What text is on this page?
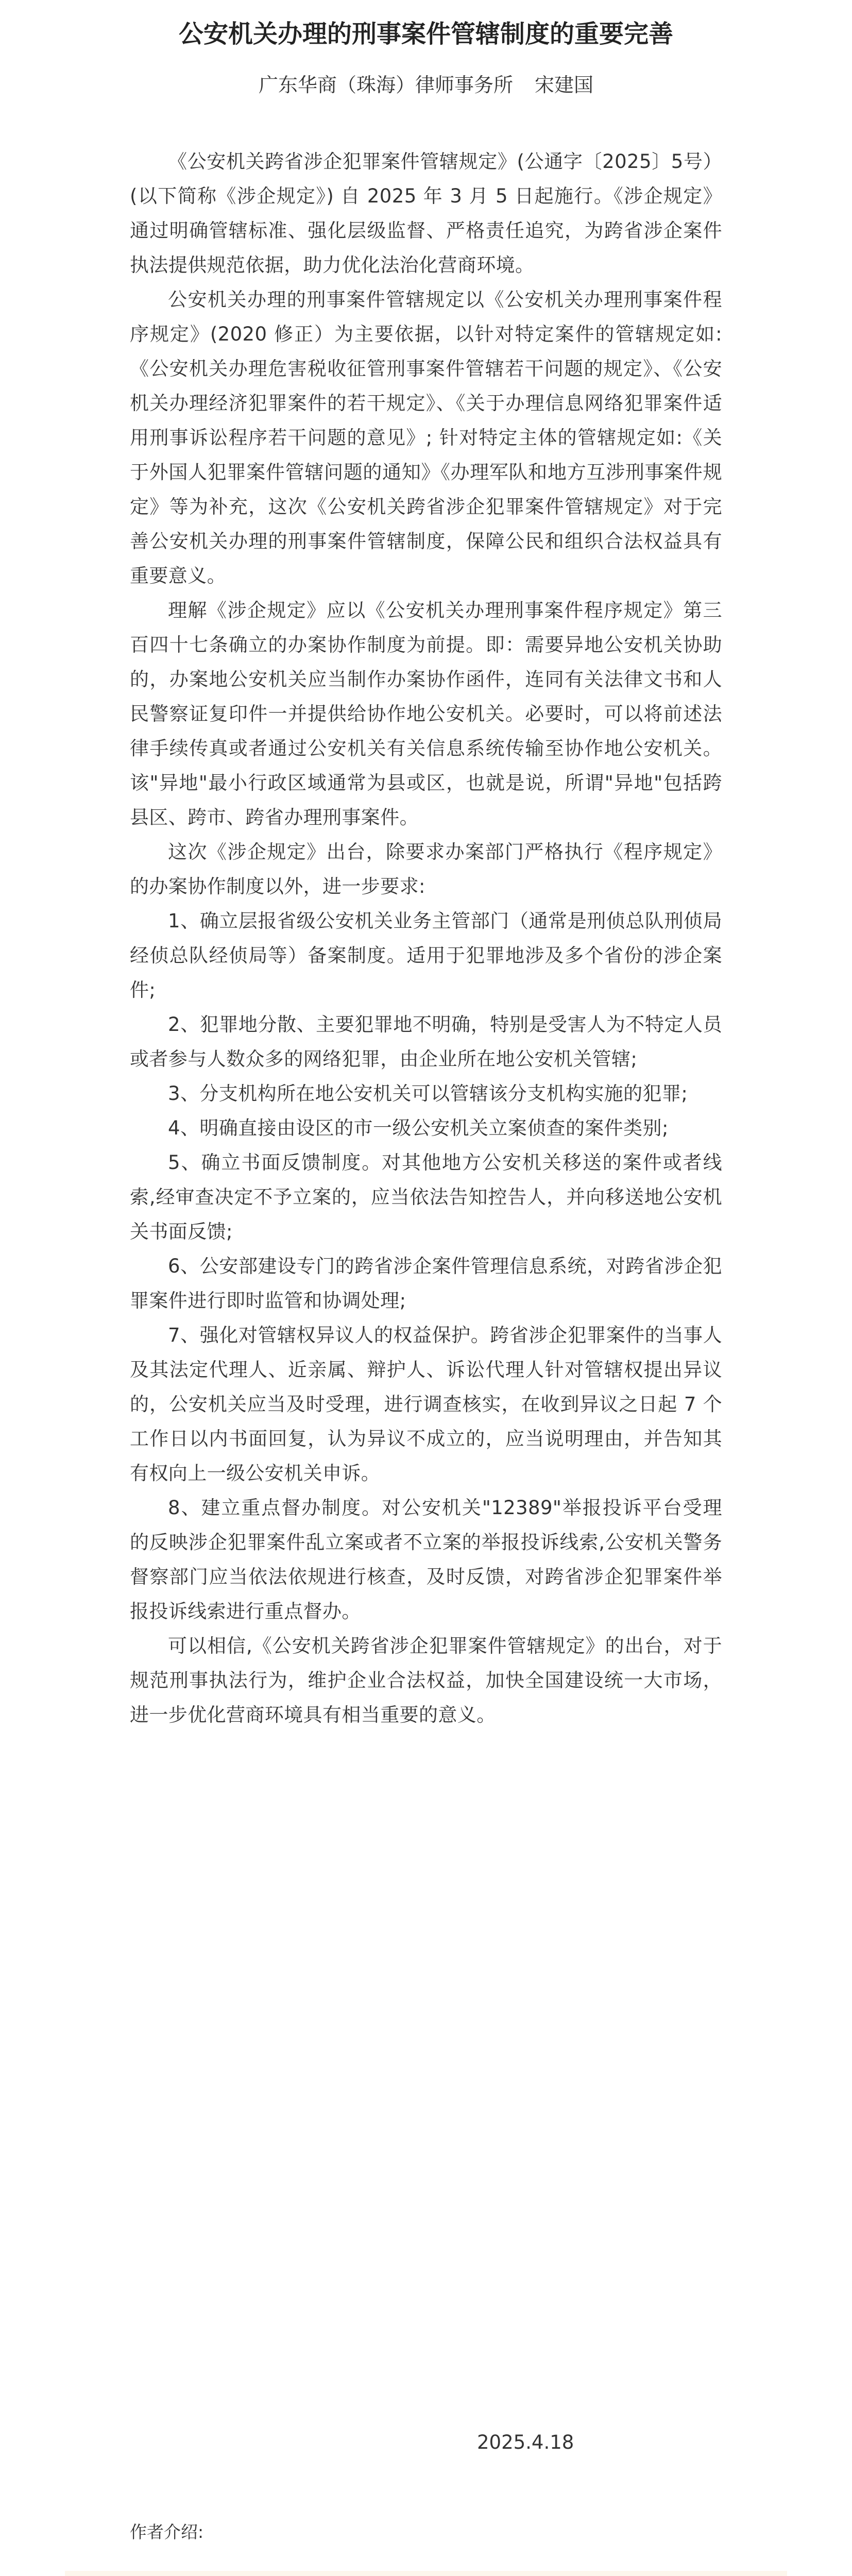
公安机关办理的刑事案件管辖制度的重要完善
广东华商（珠海）律师事务所 宋建国

《公安机关跨省涉企犯罪案件管辖规定》(公通字〔2025〕5号）(以下简称《涉企规定》) 自 2025 年 3 月 5 日起施行。《涉企规定》通过明确管辖标准、强化层级监督、严格责任追究，为跨省涉企案件执法提供规范依据，助力优化法治化营商环境。

公安机关办理的刑事案件管辖规定以《公安机关办理刑事案件程序规定》(2020 修正）为主要依据，以针对特定案件的管辖规定如:《公安机关办理危害税收征管刑事案件管辖若干问题的规定》、《公安机关办理经济犯罪案件的若干规定》、《关于办理信息网络犯罪案件适用刑事诉讼程序若干问题的意见》; 针对特定主体的管辖规定如:《关于外国人犯罪案件管辖问题的通知》《办理军队和地方互涉刑事案件规定》等为补充，这次《公安机关跨省涉企犯罪案件管辖规定》对于完善公安机关办理的刑事案件管辖制度，保障公民和组织合法权益具有重要意义。

理解《涉企规定》应以《公安机关办理刑事案件程序规定》第三百四十七条确立的办案协作制度为前提。即：需要异地公安机关协助的，办案地公安机关应当制作办案协作函件，连同有关法律文书和人民警察证复印件一并提供给协作地公安机关。必要时，可以将前述法律手续传真或者通过公安机关有关信息系统传输至协作地公安机关。该"异地"最小行政区域通常为县或区，也就是说，所谓"异地"包括跨县区、跨市、跨省办理刑事案件。

这次《涉企规定》出台，除要求办案部门严格执行《程序规定》的办案协作制度以外，进一步要求:

1、确立层报省级公安机关业务主管部门（通常是刑侦总队刑侦局经侦总队经侦局等）备案制度。适用于犯罪地涉及多个省份的涉企案件;

2、犯罪地分散、主要犯罪地不明确，特别是受害人为不特定人员或者参与人数众多的网络犯罪，由企业所在地公安机关管辖;

3、分支机构所在地公安机关可以管辖该分支机构实施的犯罪;

4、明确直接由设区的市一级公安机关立案侦查的案件类别;

5、确立书面反馈制度。对其他地方公安机关移送的案件或者线索,经审查决定不予立案的，应当依法告知控告人，并向移送地公安机关书面反馈;

6、公安部建设专门的跨省涉企案件管理信息系统，对跨省涉企犯罪案件进行即时监管和协调处理;

7、强化对管辖权异议人的权益保护。跨省涉企犯罪案件的当事人及其法定代理人、近亲属、辩护人、诉讼代理人针对管辖权提出异议的，公安机关应当及时受理，进行调查核实，在收到异议之日起 7 个工作日以内书面回复，认为异议不成立的，应当说明理由，并告知其有权向上一级公安机关申诉。

8、建立重点督办制度。对公安机关"12389"举报投诉平台受理的反映涉企犯罪案件乱立案或者不立案的举报投诉线索,公安机关警务督察部门应当依法依规进行核查，及时反馈，对跨省涉企犯罪案件举报投诉线索进行重点督办。

可以相信,《公安机关跨省涉企犯罪案件管辖规定》的出台，对于规范刑事执法行为，维护企业合法权益，加快全国建设统一大市场，进一步优化营商环境具有相当重要的意义。

2025.4.18
作者介绍:
